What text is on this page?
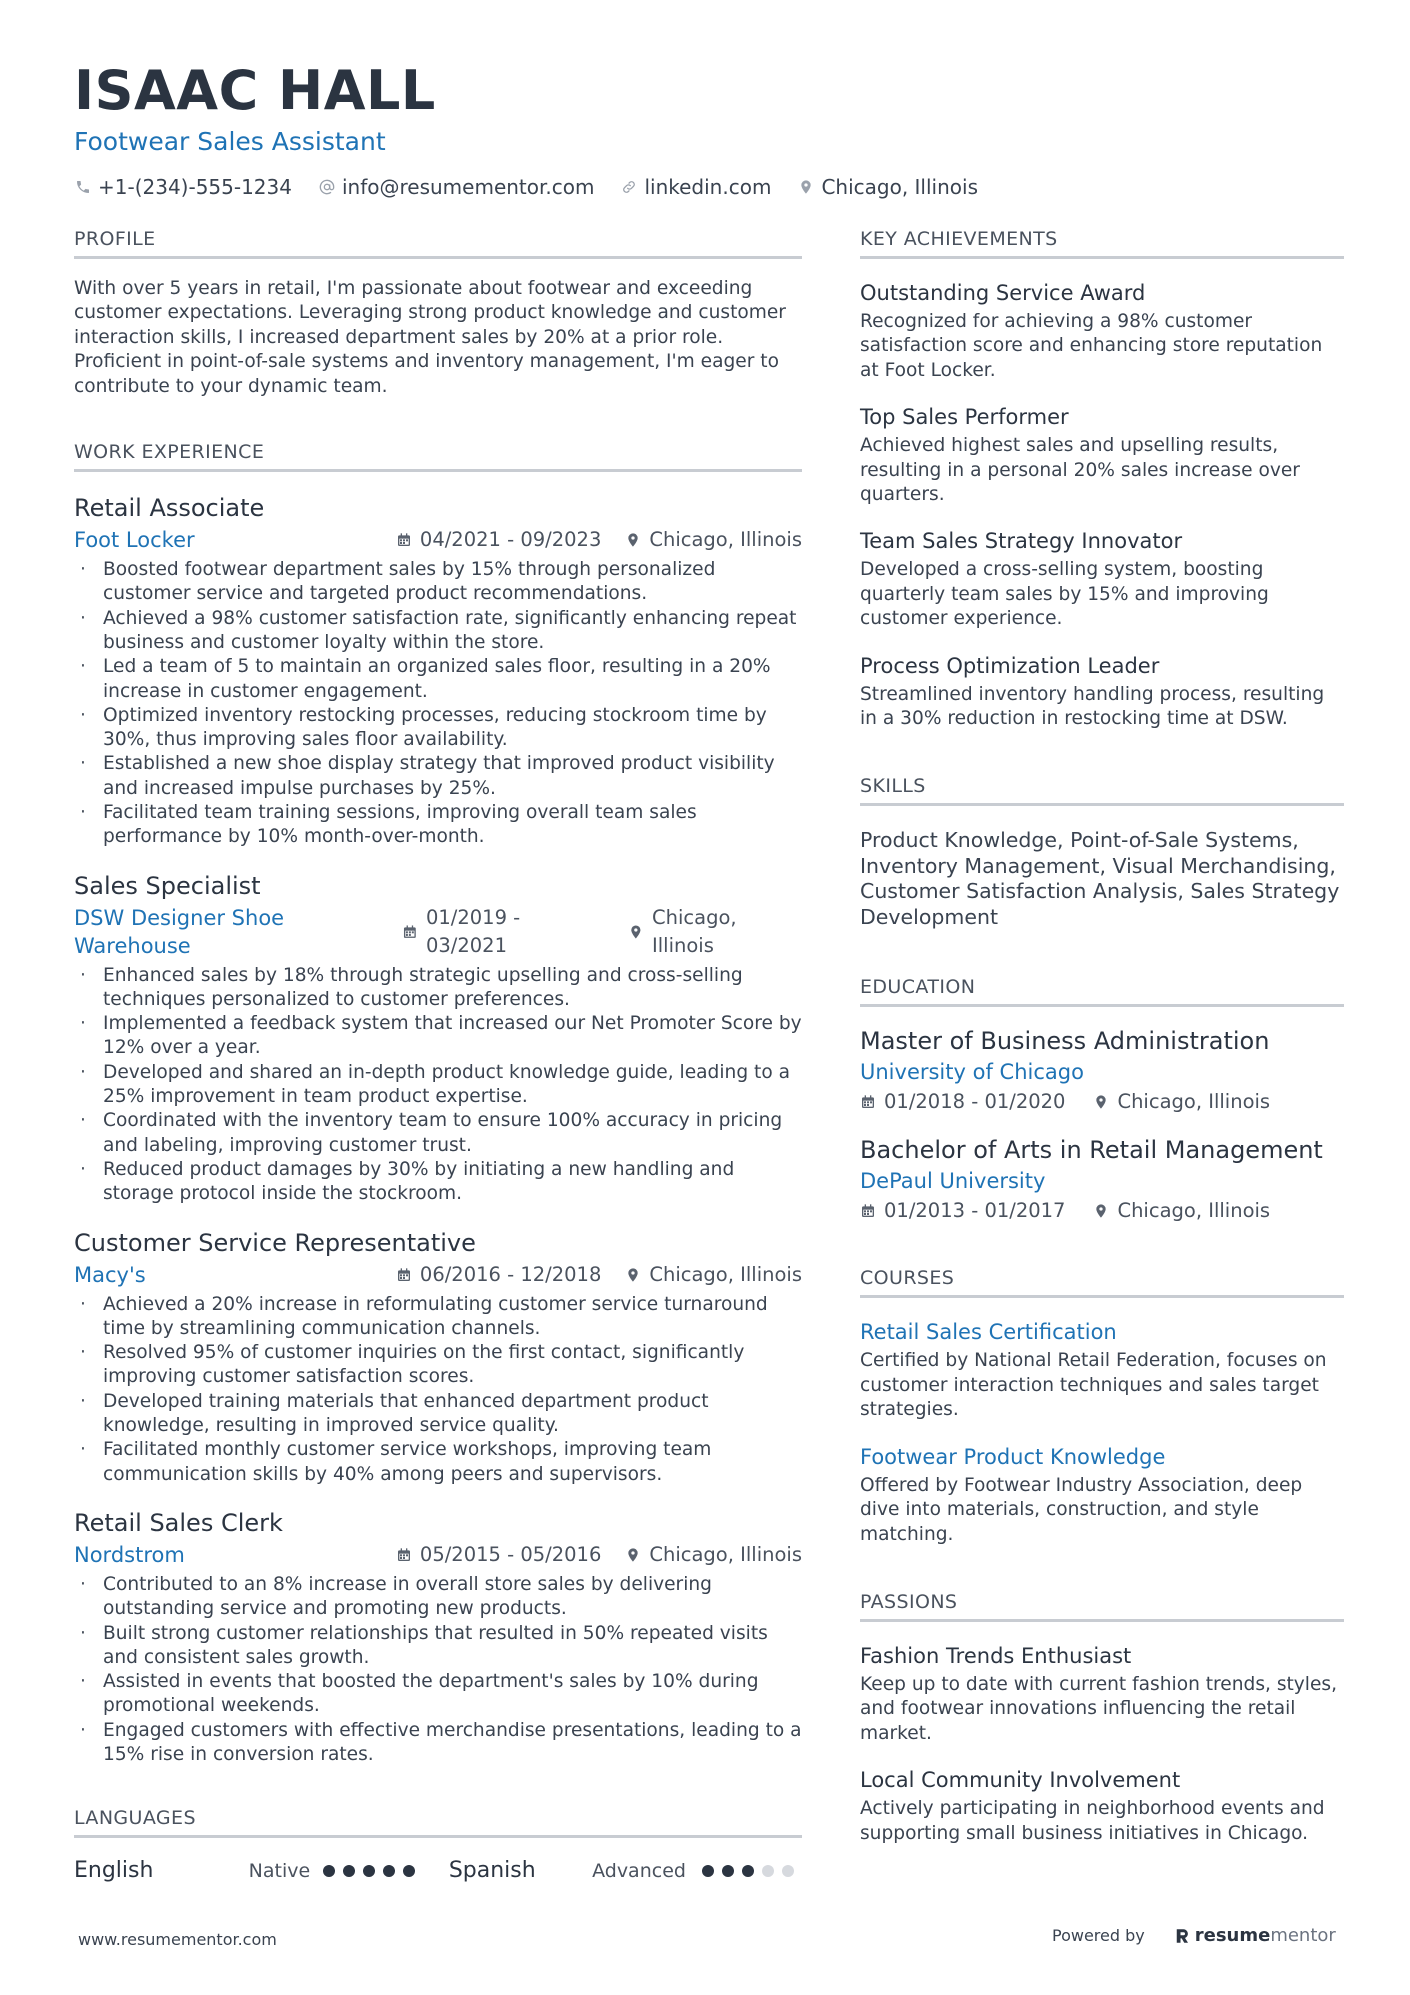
ISAAC HALL
Footwear Sales Assistant
+1-(234)-555-1234	info@resumementor.com	linkedin.com	Chicago, Illinois
PROFILE
With over 5 years in retail, I'm passionate about footwear and exceeding customer expectations. Leveraging strong product knowledge and customer interaction skills, I increased department sales by 20% at a prior role. Proficient in point-of-sale systems and inventory management, I'm eager to contribute to your dynamic team.
WORK EXPERIENCE
Retail Associate
Foot Locker	04/2021 - 09/2023 Chicago, Illinois
· Boosted footwear department sales by 15% through personalized customer service and targeted product recommendations.
· Achieved a 98% customer satisfaction rate, significantly enhancing repeat business and customer loyalty within the store.
· Led a team of 5 to maintain an organized sales floor, resulting in a 20% increase in customer engagement.
· Optimized inventory restocking processes, reducing stockroom time by 30%, thus improving sales floor availability.
· Established a new shoe display strategy that improved product visibility and increased impulse purchases by 25%.
· Facilitated team training sessions, improving overall team sales performance by 10% month-over-month.
Sales Specialist
DSW Designer Shoe Warehouse
01/2019 - 03/2021
Chicago, Illinois
· Enhanced sales by 18% through strategic upselling and cross-selling techniques personalized to customer preferences.
· Implemented a feedback system that increased our Net Promoter Score by 12% over a year.
· Developed and shared an in-depth product knowledge guide, leading to a 25% improvement in team product expertise.
· Coordinated with the inventory team to ensure 100% accuracy in pricing and labeling, improving customer trust.
· Reduced product damages by 30% by initiating a new handling and storage protocol inside the stockroom.
Customer Service Representative
Macy's	06/2016 - 12/2018 Chicago, Illinois
· Achieved a 20% increase in reformulating customer service turnaround time by streamlining communication channels.
· Resolved 95% of customer inquiries on the first contact, significantly improving customer satisfaction scores.
· Developed training materials that enhanced department product knowledge, resulting in improved service quality.
· Facilitated monthly customer service workshops, improving team communication skills by 40% among peers and supervisors.
Retail Sales Clerk
Nordstrom	05/2015 - 05/2016 Chicago, Illinois
· Contributed to an 8% increase in overall store sales by delivering outstanding service and promoting new products.
· Built strong customer relationships that resulted in 50% repeated visits and consistent sales growth.
· Assisted in events that boosted the department's sales by 10% during promotional weekends.
· Engaged customers with effective merchandise presentations, leading to a 15% rise in conversion rates.
LANGUAGES
English	Native	Spanish	Advanced
KEY ACHIEVEMENTS
Outstanding Service Award
Recognized for achieving a 98% customer satisfaction score and enhancing store reputation at Foot Locker.
Top Sales Performer
Achieved highest sales and upselling results, resulting in a personal 20% sales increase over quarters.
Team Sales Strategy Innovator
Developed a cross-selling system, boosting quarterly team sales by 15% and improving customer experience.
Process Optimization Leader
Streamlined inventory handling process, resulting in a 30% reduction in restocking time at DSW.
SKILLS
Product Knowledge, Point-of-Sale Systems, Inventory Management, Visual Merchandising, Customer Satisfaction Analysis, Sales Strategy Development
EDUCATION
Master of Business Administration
University of Chicago
01/2018 - 01/2020	Chicago, Illinois
Bachelor of Arts in Retail Management
DePaul University
01/2013 - 01/2017	Chicago, Illinois
COURSES
Retail Sales Certification
Certified by National Retail Federation, focuses on customer interaction techniques and sales target strategies.
Footwear Product Knowledge
Offered by Footwear Industry Association, deep dive into materials, construction, and style matching.
PASSIONS
Fashion Trends Enthusiast
Keep up to date with current fashion trends, styles, and footwear innovations influencing the retail market.
Local Community Involvement
Actively participating in neighborhood events and supporting small business initiatives in Chicago.
www.resumementor.com	Powered by	resume mentor
